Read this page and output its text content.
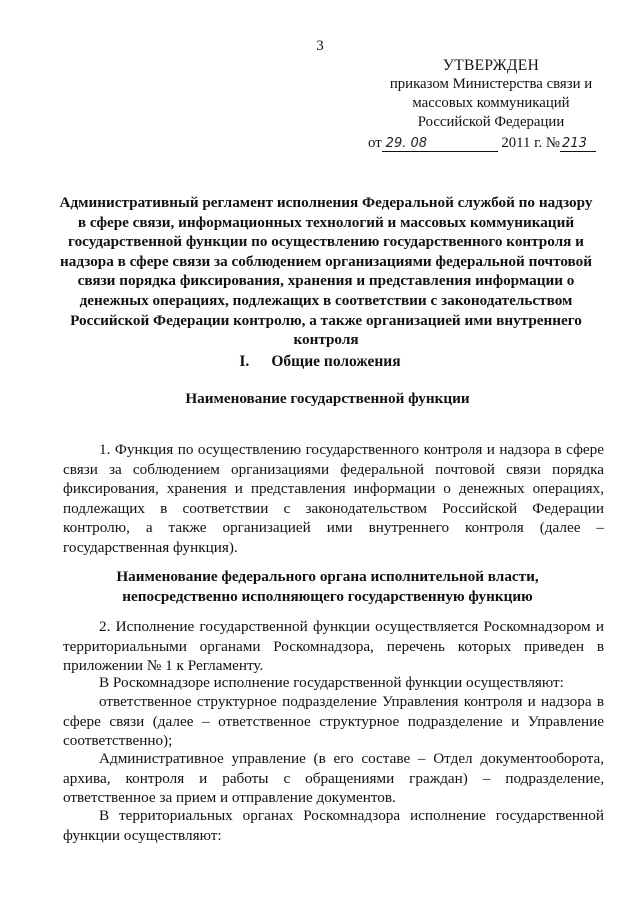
3
УТВЕРЖДЕН
приказом Министерства связи и
массовых коммуникаций
Российской Федерации
от 29. 08	2011 г. № 213
Административный регламент исполнения Федеральной службой по надзору в сфере связи, информационных технологий и массовых коммуникаций государственной функции по осуществлению государственного контроля и надзора в сфере связи за соблюдением организациями федеральной почтовой связи порядка фиксирования, хранения и представления информации о денежных операциях, подлежащих в соответствии с законодательством Российской Федерации контролю, а также организацией ими внутреннего контроля
I. Общие положения
Наименование государственной функции

1. Функция по осуществлению государственного контроля и надзора в сфере связи за соблюдением организациями федеральной почтовой связи порядка фиксирования, хранения и представления информации о денежных операциях, подлежащих в соответствии с законодательством Российской Федерации контролю, а также организацией ими внутреннего контроля (далее – государственная функция).

Наименование федерального органа исполнительной власти, непосредственно исполняющего государственную функцию

2. Исполнение государственной функции осуществляется Роскомнадзором и территориальными органами Роскомнадзора, перечень которых приведен в приложении № 1 к Регламенту.

В Роскомнадзоре исполнение государственной функции осуществляют:

ответственное структурное подразделение Управления контроля и надзора в сфере связи (далее – ответственное структурное подразделение и Управление соответственно);

Административное управление (в его составе – Отдел документооборота, архива, контроля и работы с обращениями граждан) – подразделение, ответственное за прием и отправление документов.

В территориальных органах Роскомнадзора исполнение государственной функции осуществляют:
